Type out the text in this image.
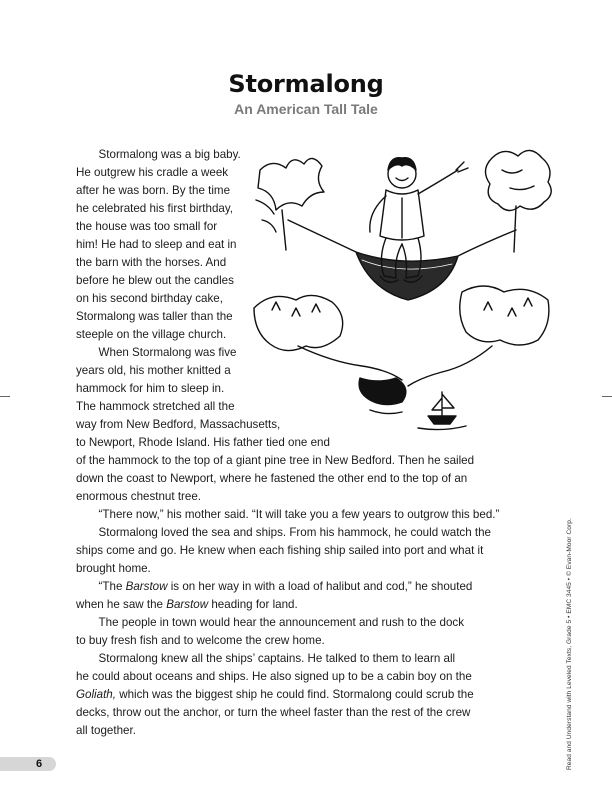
Stormalong
An American Tall Tale

Stormalong was a big baby.
He outgrew his cradle a week
after he was born. By the time
he celebrated his first birthday,
the house was too small for
him! He had to sleep and eat in
the barn with the horses. And
before he blew out the candles
on his second birthday cake,
Stormalong was taller than the
steeple on the village church.

When Stormalong was five
years old, his mother knitted a
hammock for him to sleep in.
The hammock stretched all the
way from New Bedford, Massachusetts,
to Newport, Rhode Island. His father tied one end
of the hammock to the top of a giant pine tree in New Bedford. Then he sailed
down the coast to Newport, where he fastened the other end to the top of an
enormous chestnut tree.

“There now,” his mother said. “It will take you a few years to outgrow this bed.”

Stormalong loved the sea and ships. From his hammock, he could watch the
ships come and go. He knew when each fishing ship sailed into port and what it
brought home.

“The Barstow is on her way in with a load of halibut and cod,” he shouted
when he saw the Barstow heading for land.

The people in town would hear the announcement and rush to the dock
to buy fresh fish and to welcome the crew home.

Stormalong knew all the ships’ captains. He talked to them to learn all
he could about oceans and ships. He also signed up to be a cabin boy on the
Goliath, which was the biggest ship he could find. Stormalong could scrub the
decks, throw out the anchor, or turn the wheel faster than the rest of the crew
all together.	Read and Understand with Leveled Texts, Grade 5 • EMC 3445 • © Evan-Moor Corp.
6
